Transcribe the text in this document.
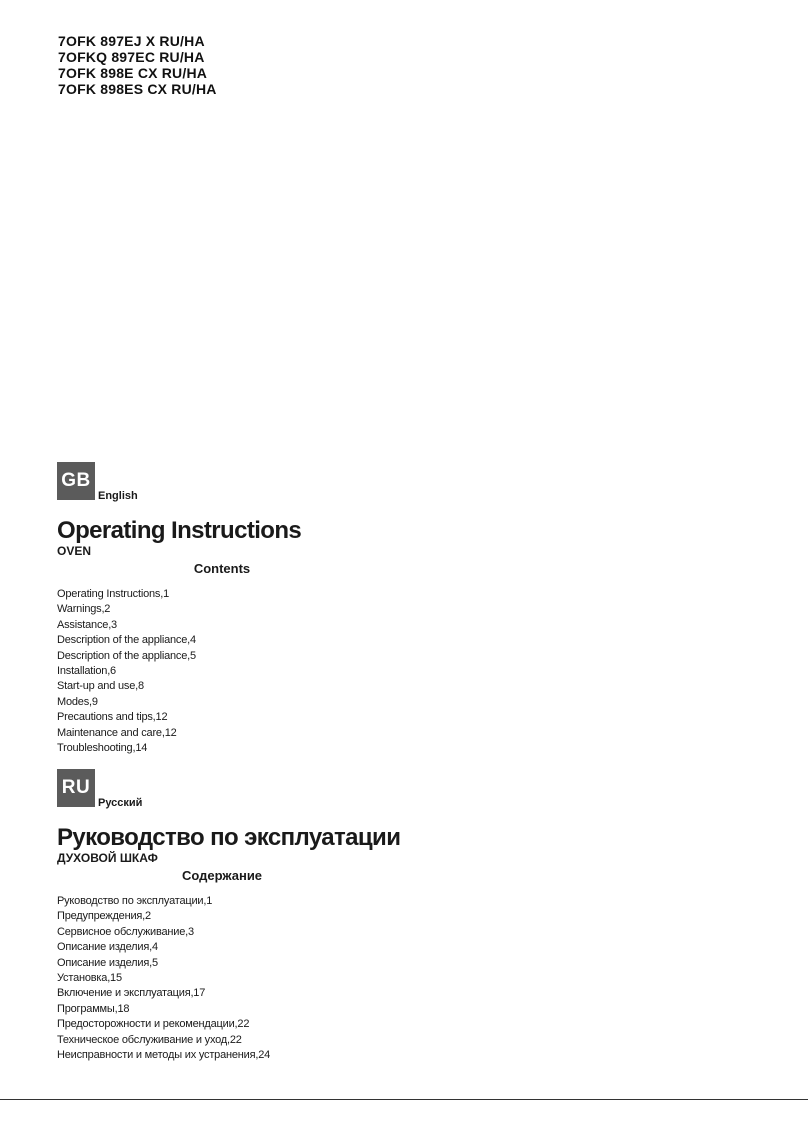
7OFK 897EJ X RU/HA
7OFKQ 897EC RU/HA
7OFK 898E CX RU/HA
7OFK 898ES CX RU/HA
GB
English
Operating Instructions
OVEN
Contents
Operating Instructions,1
Warnings,2
Assistance,3
Description of the appliance,4
Description of the appliance,5
Installation,6
Start-up and use,8
Modes,9
Precautions and tips,12
Maintenance and care,12
Troubleshooting,14
RU
Русский
Руководство по эксплуатации
ДУХОВОЙ ШКАФ
Содержание
Руководство по эксплуатации,1
Предупреждения,2
Сервисное обслуживание,3
Описание изделия,4
Описание изделия,5
Установка,15
Включение и эксплуатация,17
Программы,18
Предосторожности и рекомендации,22
Техническое обслуживание и уход,22
Неисправности и методы их устранения,24
